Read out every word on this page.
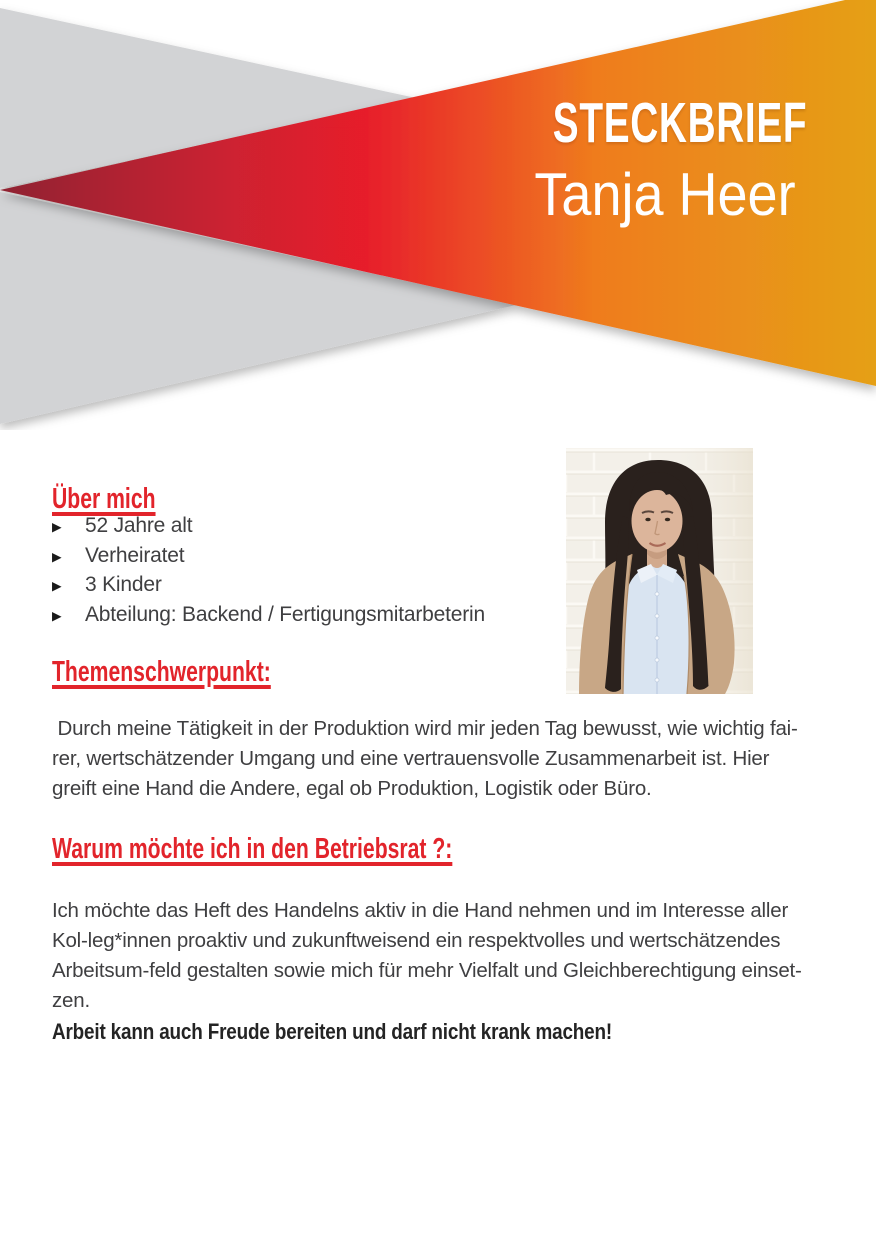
STECKBRIEF
Tanja Heer
Über mich
▶	52 Jahre alt
▶	Verheiratet
▶	3 Kinder
▶	Abteilung: Backend / Fertigungsmitarbeterin
Themenschwerpunkt:
Durch meine Tätigkeit in der Produktion wird mir jeden Tag bewusst, wie wichtig fai-
rer, wertschätzender Umgang und eine vertrauensvolle Zusammenarbeit ist. Hier
greift eine Hand die Andere, egal ob Produktion, Logistik oder Büro.
Warum möchte ich in den Betriebsrat ?:
Ich möchte das Heft des Handelns aktiv in die Hand nehmen und im Interesse aller
Kol-leg*innen proaktiv und zukunftweisend ein respektvolles und wertschätzendes
Arbeitsum-feld gestalten sowie mich für mehr Vielfalt und Gleichberechtigung einset-
zen.
Arbeit kann auch Freude bereiten und darf nicht krank machen!
